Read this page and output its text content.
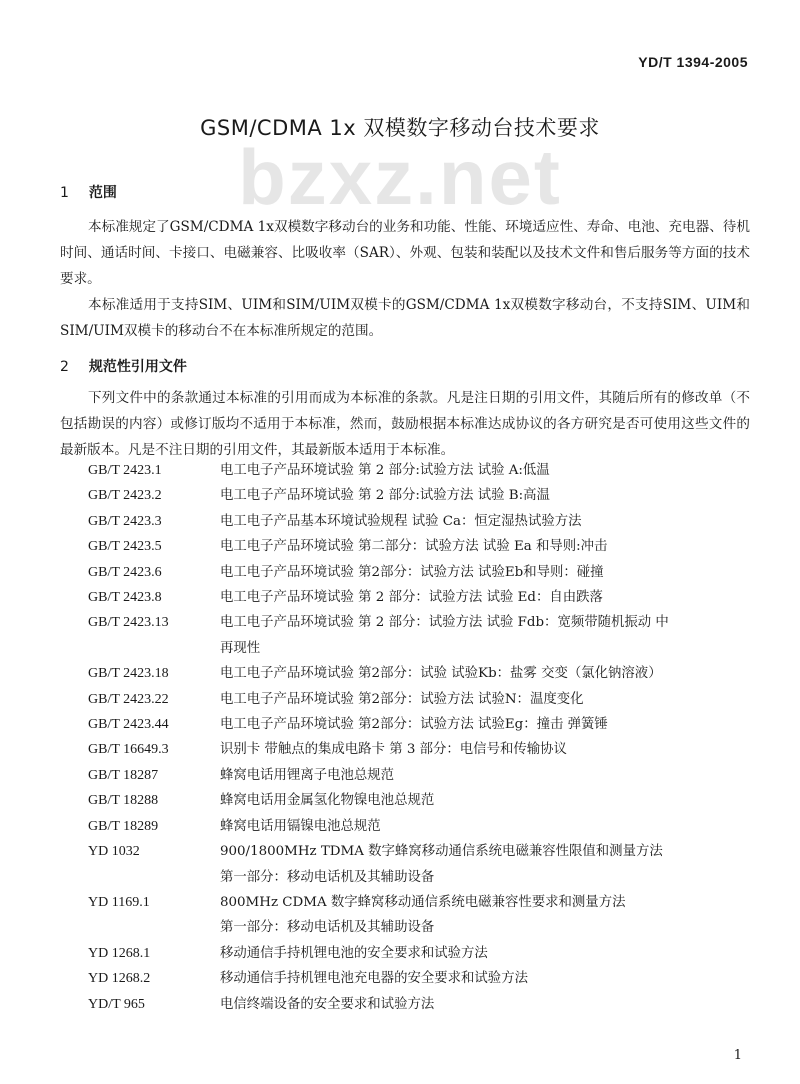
YD/T 1394-2005
bzxz.net
GSM/CDMA 1x 双模数字移动台技术要求
1 范围

本标准规定了GSM/CDMA 1x双模数字移动台的业务和功能、性能、环境适应性、寿命、电池、充电器、待机时间、通话时间、卡接口、电磁兼容、比吸收率（SAR）、外观、包装和装配以及技术文件和售后服务等方面的技术要求。

本标准适用于支持SIM、UIM和SIM/UIM双模卡的GSM/CDMA 1x双模数字移动台，不支持SIM、UIM和SIM/UIM双模卡的移动台不在本标准所规定的范围。

2 规范性引用文件

下列文件中的条款通过本标准的引用而成为本标准的条款。凡是注日期的引用文件，其随后所有的修改单（不包括勘误的内容）或修订版均不适用于本标准，然而，鼓励根据本标准达成协议的各方研究是否可使用这些文件的最新版本。凡是不注日期的引用文件，其最新版本适用于本标准。

GB/T 2423.1	电工电子产品环境试验 第 2 部分:试验方法 试验 A:低温
GB/T 2423.2	电工电子产品环境试验 第 2 部分:试验方法 试验 B:高温
GB/T 2423.3	电工电子产品基本环境试验规程 试验 Ca：恒定湿热试验方法
GB/T 2423.5	电工电子产品环境试验 第二部分：试验方法 试验 Ea 和导则:冲击
GB/T 2423.6	电工电子产品环境试验 第2部分：试验方法 试验Eb和导则：碰撞
GB/T 2423.8	电工电子产品环境试验 第 2 部分：试验方法 试验 Ed：自由跌落
GB/T 2423.13	电工电子产品环境试验 第 2 部分：试验方法 试验 Fdb：宽频带随机振动 中
再现性
GB/T 2423.18	电工电子产品环境试验 第2部分：试验 试验Kb：盐雾 交变（氯化钠溶液）
GB/T 2423.22	电工电子产品环境试验 第2部分：试验方法 试验N：温度变化
GB/T 2423.44	电工电子产品环境试验 第2部分：试验方法 试验Eg：撞击 弹簧锤
GB/T 16649.3	识别卡 带触点的集成电路卡 第 3 部分：电信号和传输协议
GB/T 18287	蜂窝电话用锂离子电池总规范
GB/T 18288	蜂窝电话用金属氢化物镍电池总规范
GB/T 18289	蜂窝电话用镉镍电池总规范
YD 1032	900/1800MHz TDMA 数字蜂窝移动通信系统电磁兼容性限值和测量方法
第一部分：移动电话机及其辅助设备
YD 1169.1	800MHz CDMA 数字蜂窝移动通信系统电磁兼容性要求和测量方法
第一部分：移动电话机及其辅助设备
YD 1268.1	移动通信手持机锂电池的安全要求和试验方法
YD 1268.2	移动通信手持机锂电池充电器的安全要求和试验方法
YD/T 965	电信终端设备的安全要求和试验方法
1
